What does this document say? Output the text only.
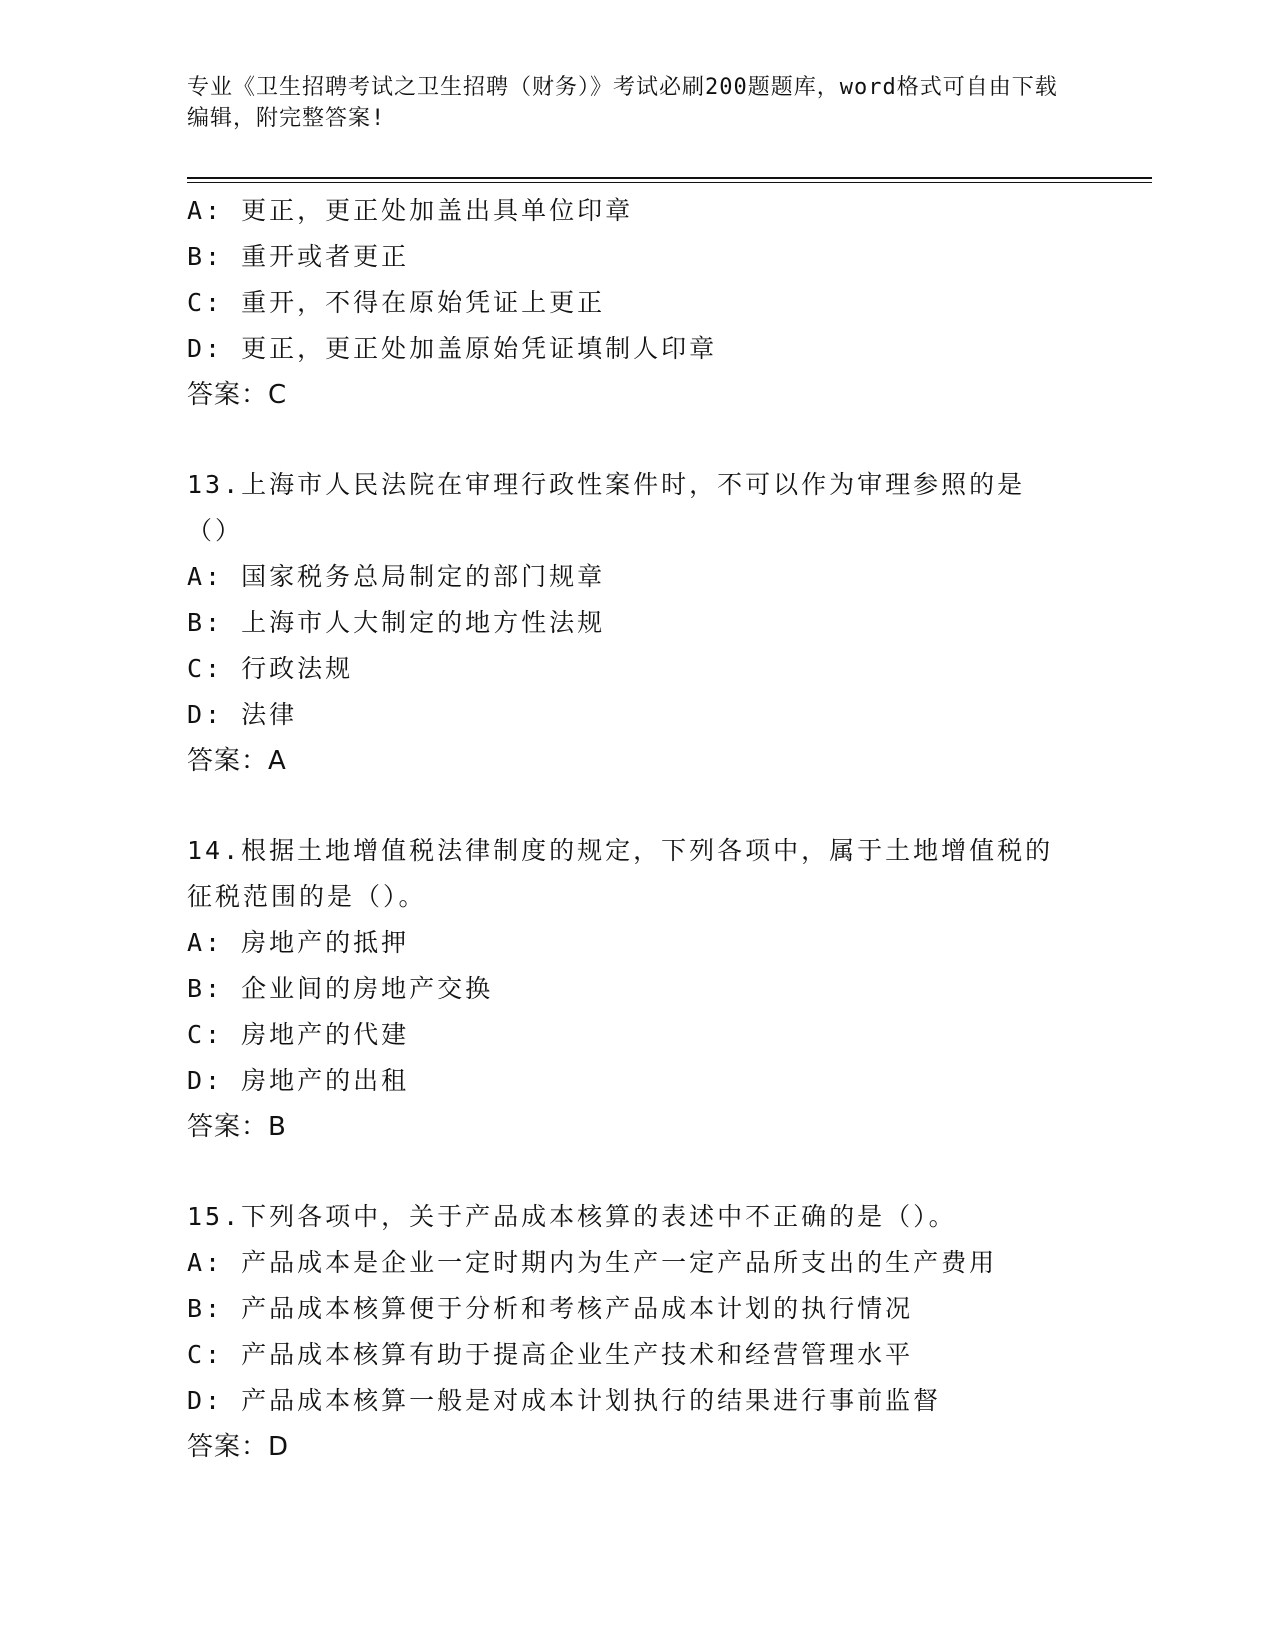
专业《卫生招聘考试之卫生招聘（财务）》考试必刷200题题库，word格式可自由下载编辑，附完整答案!
A: 更正，更正处加盖出具单位印章
B: 重开或者更正
C: 重开，不得在原始凭证上更正
D: 更正，更正处加盖原始凭证填制人印章
答案：C
13.上海市人民法院在审理行政性案件时，不可以作为审理参照的是（）
A: 国家税务总局制定的部门规章
B: 上海市人大制定的地方性法规
C: 行政法规
D: 法律
答案：A
14.根据土地增值税法律制度的规定，下列各项中，属于土地增值税的征税范围的是（）。
A: 房地产的抵押
B: 企业间的房地产交换
C: 房地产的代建
D: 房地产的出租
答案：B
15.下列各项中，关于产品成本核算的表述中不正确的是（）。
A: 产品成本是企业一定时期内为生产一定产品所支出的生产费用
B: 产品成本核算便于分析和考核产品成本计划的执行情况
C: 产品成本核算有助于提高企业生产技术和经营管理水平
D: 产品成本核算一般是对成本计划执行的结果进行事前监督
答案：D
